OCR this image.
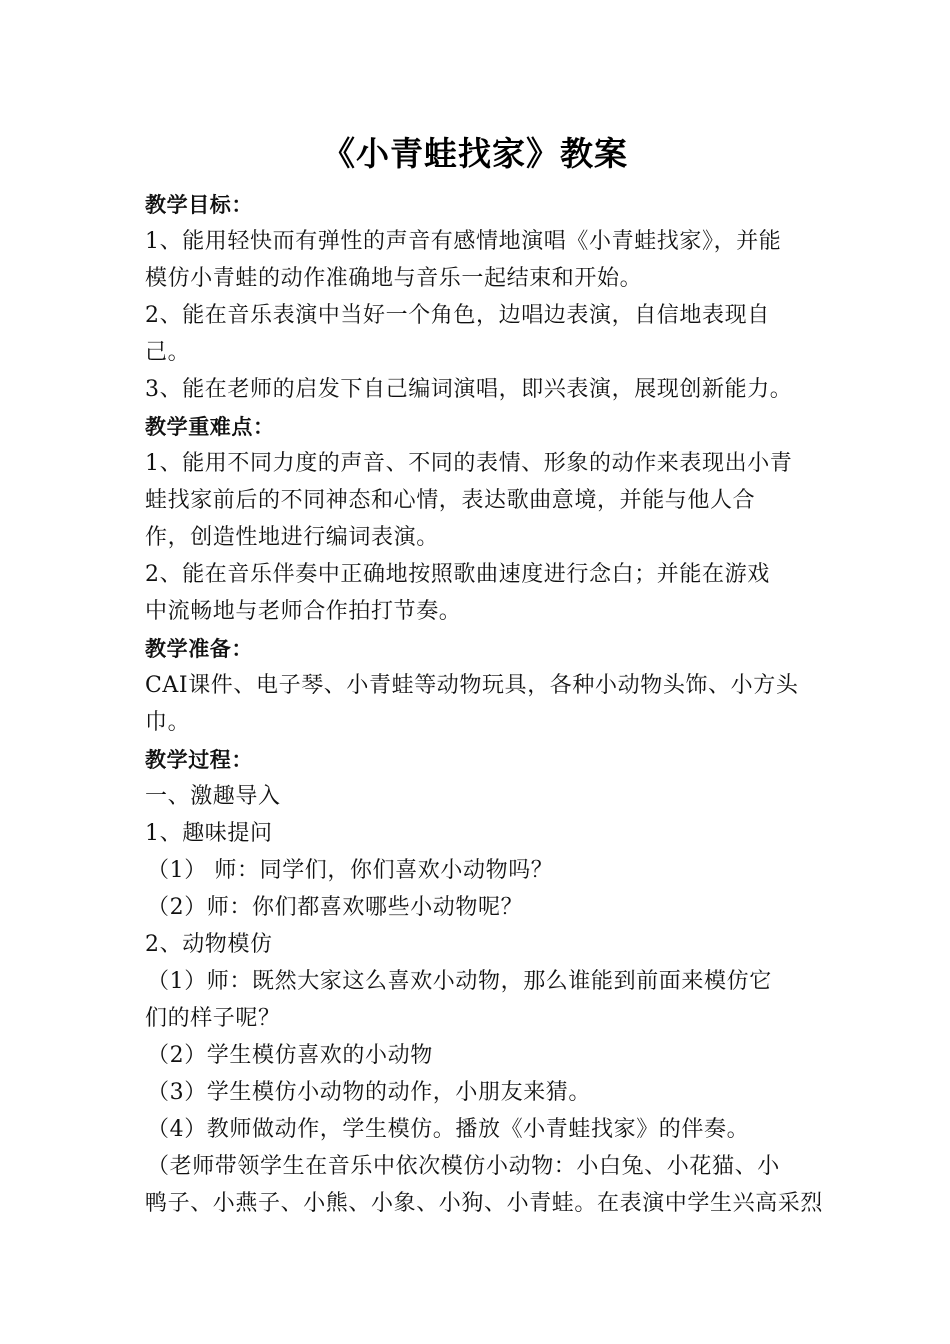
《小青蛙找家》教案
教学目标：
1、能用轻快而有弹性的声音有感情地演唱《小青蛙找家》，并能
模仿小青蛙的动作准确地与音乐一起结束和开始。
2、能在音乐表演中当好一个角色，边唱边表演，自信地表现自
己。
3、能在老师的启发下自己编词演唱，即兴表演，展现创新能力。
教学重难点：
1、能用不同力度的声音、不同的表情、形象的动作来表现出小青
蛙找家前后的不同神态和心情，表达歌曲意境，并能与他人合
作，创造性地进行编词表演。
2、能在音乐伴奏中正确地按照歌曲速度进行念白；并能在游戏
中流畅地与老师合作拍打节奏。
教学准备：
CAI课件、电子琴、小青蛙等动物玩具，各种小动物头饰、小方头
巾。
教学过程：
一、激趣导入
1、趣味提问
（1） 师：同学们，你们喜欢小动物吗？
（2）师：你们都喜欢哪些小动物呢？
2、动物模仿
（1）师：既然大家这么喜欢小动物，那么谁能到前面来模仿它
们的样子呢？
（2）学生模仿喜欢的小动物
（3）学生模仿小动物的动作，小朋友来猜。
（4）教师做动作，学生模仿。播放《小青蛙找家》的伴奏。
（老师带领学生在音乐中依次模仿小动物：小白兔、小花猫、小
鸭子、小燕子、小熊、小象、小狗、小青蛙。在表演中学生兴高采烈
